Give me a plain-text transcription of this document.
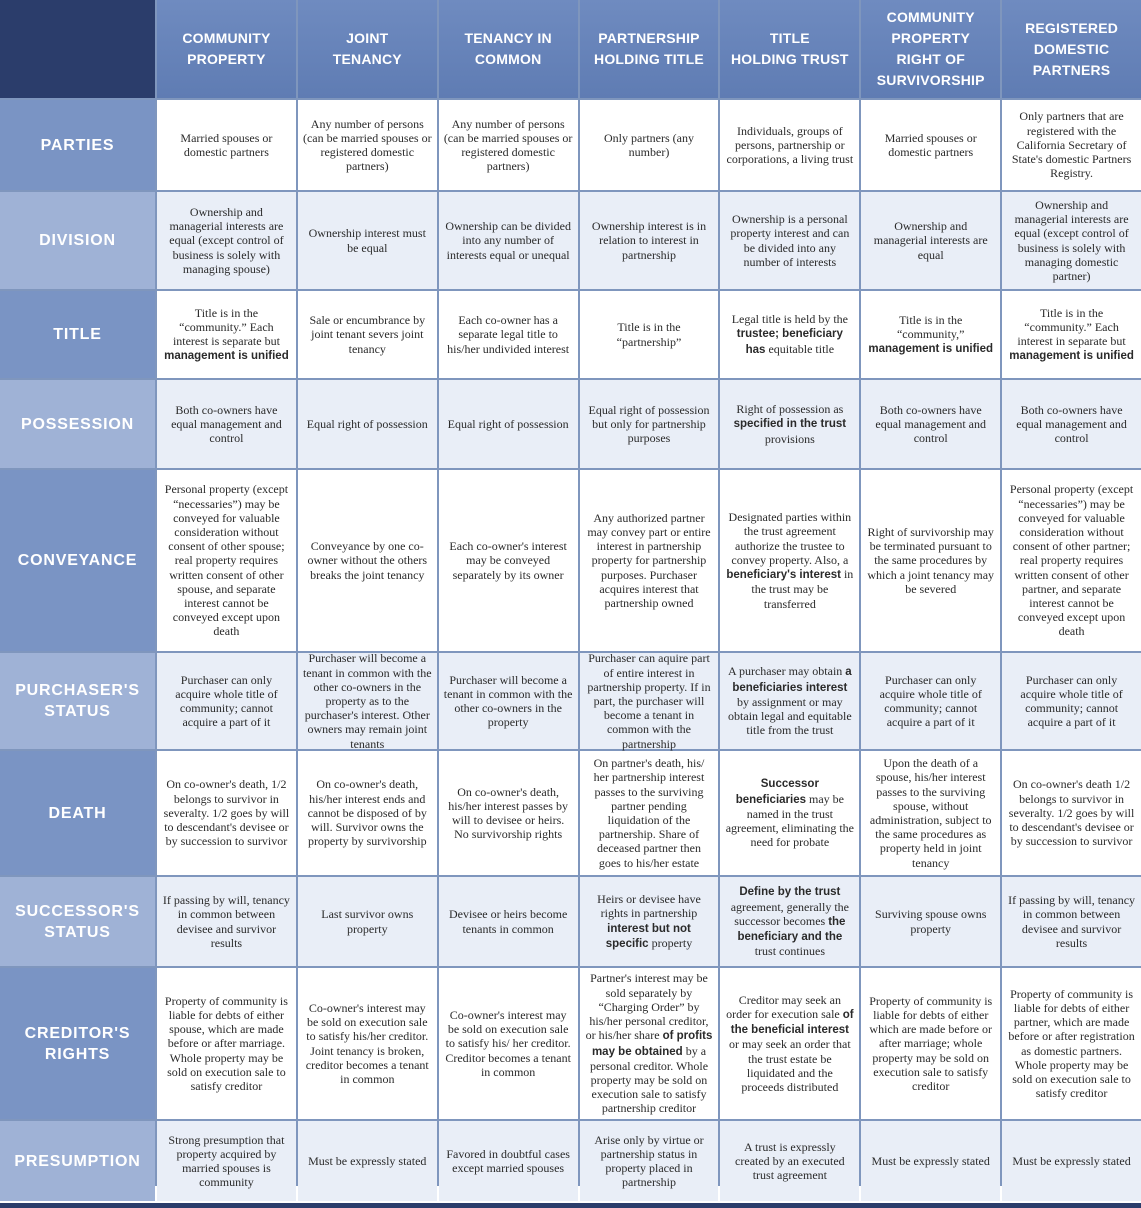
COMMUNITY
PROPERTY
JOINT
TENANCY
TENANCY IN
COMMON
PARTNERSHIP
HOLDING TITLE
TITLE
HOLDING TRUST
COMMUNITY
PROPERTY
RIGHT OF
SURVIVORSHIP
REGISTERED
DOMESTIC
PARTNERS
PARTIES	Married spouses or domestic partners
Any number of persons (can be married spouses or registered domestic partners)
Any number of persons (can be married spouses or registered domestic partners)
Only partners (any number)
Individuals, groups of persons, partnership or corporations, a living trust
Married spouses or domestic partners
Only partners that are registered with the California Secretary of State's domestic Partners Registry.
DIVISION
Ownership and managerial interests are equal (except control of business is solely with managing spouse)
Ownership interest must be equal
Ownership can be divided into any number of interests equal or unequal
Ownership interest is in relation to interest in partnership
Ownership is a personal property interest and can be divided into any number of interests
Ownership and managerial interests are equal
Ownership and managerial interests are equal (except control of business is solely with managing domestic partner)
TITLE
Title is in the “community.” Each interest is separate but management is unified
Sale or encumbrance by joint tenant severs joint tenancy
Each co-owner has a separate legal title to his/her undivided interest
Title is in the “partnership”
Legal title is held by the trustee; beneficiary has equitable title
Title is in the “community,” management is unified
Title is in the “community.” Each interest in separate but management is unified
POSSESSION
Both co-owners have equal management and control
Equal right of possession Equal right of possession
Equal right of possession but only for partnership purposes
Right of possession as specified in the trust provisions
Both co-owners have equal management and control
Both co-owners have equal management and control
CONVEYANCE
Personal property (except “necessaries”) may be conveyed for valuable consideration without consent of other spouse; real property requires written consent of other spouse, and separate interest cannot be conveyed except upon death
Conveyance by one co-owner without the others breaks the joint tenancy
Each co-owner's interest may be conveyed separately by its owner
Any authorized partner may convey part or entire interest in partnership property for partnership purposes. Purchaser acquires interest that partnership owned
Designated parties within the trust agreement authorize the trustee to convey property. Also, a beneficiary's interest in the trust may be transferred
Right of survivorship may be terminated pursuant to the same procedures by which a joint tenancy may be severed
Personal property (except “necessaries”) may be conveyed for valuable consideration without consent of other partner; real property requires written consent of other partner, and separate interest cannot be conveyed except upon death
PURCHASER'S
STATUS
Purchaser can only acquire whole title of community; cannot acquire a part of it
Purchaser will become a tenant in common with the other co-owners in the property as to the purchaser's interest. Other owners may remain joint tenants
Purchaser will become a tenant in common with the other co-owners in the property
Purchaser can aquire part of entire interest in partnership property. If in part, the purchaser will become a tenant in common with the partnership
A purchaser may obtain a beneficiaries interest by assignment or may obtain legal and equitable title from the trust
Purchaser can only acquire whole title of community; cannot acquire a part of it
Purchaser can only acquire whole title of community; cannot acquire a part of it
DEATH
On co-owner's death, 1/2 belongs to survivor in severalty. 1/2 goes by will to descendant's devisee or by succession to survivor
On co-owner's death, his/her interest ends and cannot be disposed of by will. Survivor owns the property by survivorship
On co-owner's death, his/her interest passes by will to devisee or heirs. No survivorship rights
On partner's death, his/ her partnership interest passes to the surviving partner pending liquidation of the partnership. Share of deceased partner then goes to his/her estate
Successor beneficiaries may be named in the trust agreement, eliminating the need for probate
Upon the death of a spouse, his/her interest passes to the surviving spouse, without administration, subject to the same procedures as property held in joint tenancy
On co-owner's death 1/2 belongs to survivor in severalty. 1/2 goes by will to descendant's devisee or by succession to survivor
SUCCESSOR'S
STATUS
If passing by will, tenancy in common between devisee and survivor results
Last survivor owns property
Devisee or heirs become tenants in common
Heirs or devisee have rights in partnership interest but not specific property
Define by the trust agreement, generally the successor becomes the beneficiary and the trust continues
Surviving spouse owns property
If passing by will, tenancy in common between devisee and survivor results
CREDITOR'S
RIGHTS
Property of community is liable for debts of either spouse, which are made before or after marriage. Whole property may be sold on execution sale to satisfy creditor
Co-owner's interest may be sold on execution sale to satisfy his/her creditor. Joint tenancy is broken, creditor becomes a tenant in common
Co-owner's interest may be sold on execution sale to satisfy his/ her creditor. Creditor becomes a tenant in common
Partner's interest may be sold separately by “Charging Order” by his/her personal creditor, or his/her share of profits may be obtained by a personal creditor. Whole property may be sold on execution sale to satisfy partnership creditor
Creditor may seek an order for execution sale of the beneficial interest or may seek an order that the trust estate be liquidated and the proceeds distributed
Property of community is liable for debts of either which are made before or after marriage; whole property may be sold on execution sale to satisfy creditor
Property of community is liable for debts of either partner, which are made before or after registration as domestic partners. Whole property may be sold on execution sale to satisfy creditor
PRESUMPTION
Strong presumption that property acquired by married spouses is community
Must be expressly stated
Favored in doubtful cases except married spouses
Arise only by virtue or partnership status in property placed in partnership
A trust is expressly created by an executed trust agreement
Must be expressly stated Must be expressly stated
